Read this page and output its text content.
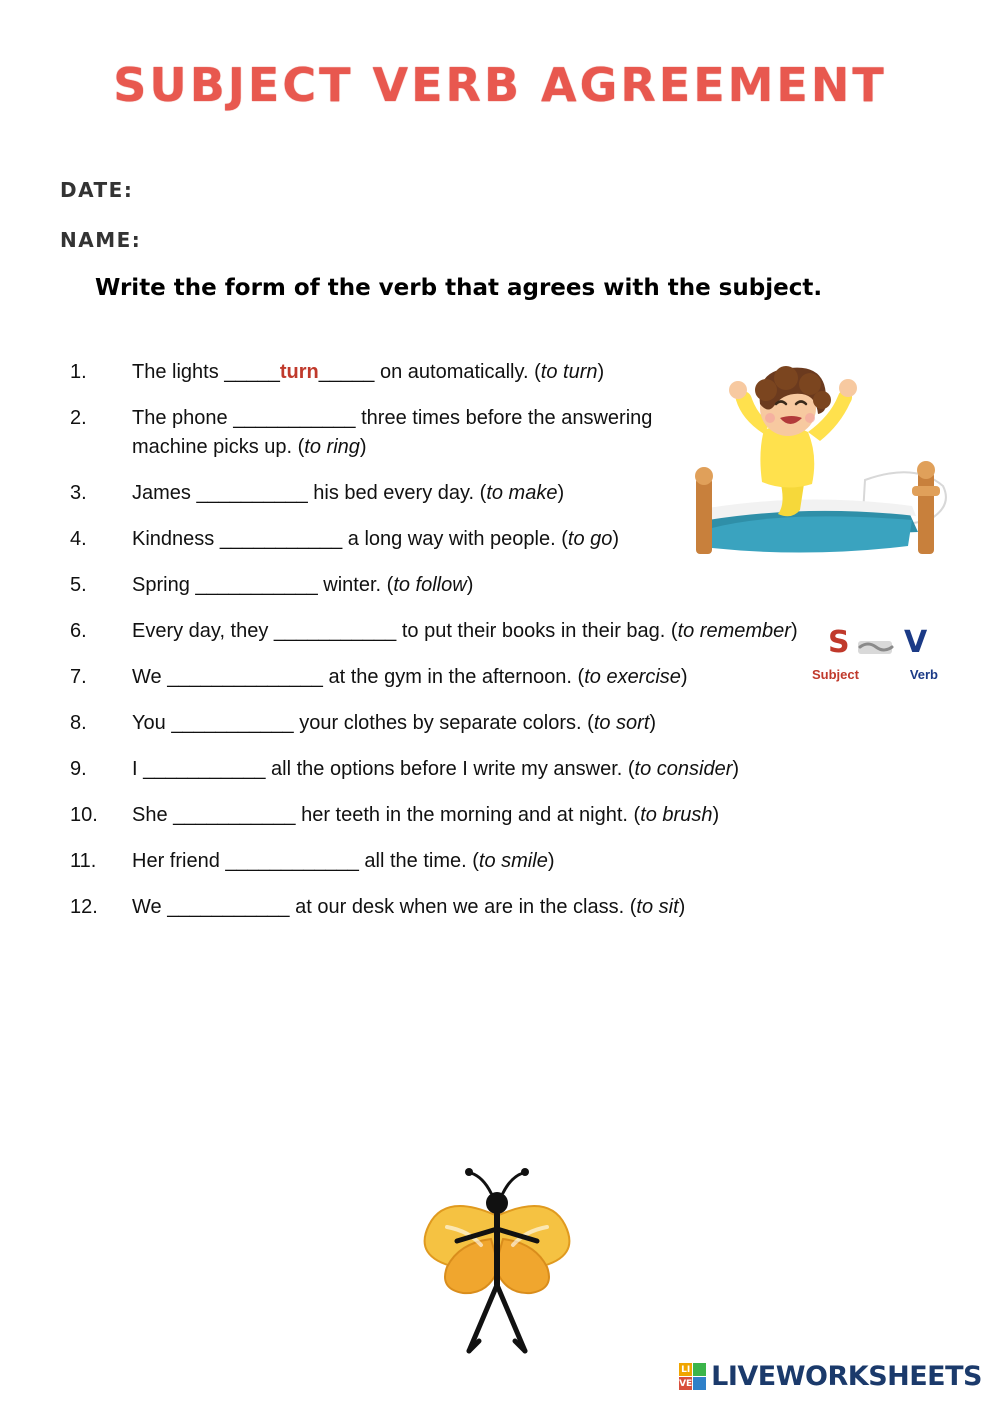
SUBJECT VERB AGREEMENT
DATE:
NAME:
Write the form of the verb that agrees with the subject.
S V
Subject	Verb
1.	The lights _____turn_____ on automatically. (to turn)
2.	The phone ___________ three times before the answering machine picks up. (to ring)
3.	James __________ his bed every day. (to make)
4.	Kindness ___________ a long way with people. (to go)
5.	Spring ___________ winter. (to follow)
6.	Every day, they ___________ to put their books in their bag. (to remember)
7.	We ______________ at the gym in the afternoon. (to exercise)
8.	You ___________ your clothes by separate colors. (to sort)
9.	I ___________ all the options before I write my answer. (to consider)
10.	She ___________ her teeth in the morning and at night. (to brush)
11.	Her friend ____________ all the time. (to smile)
12.	We ___________ at our desk when we are in the class. (to sit)
LI
VE LIVEWORKSHEETS
